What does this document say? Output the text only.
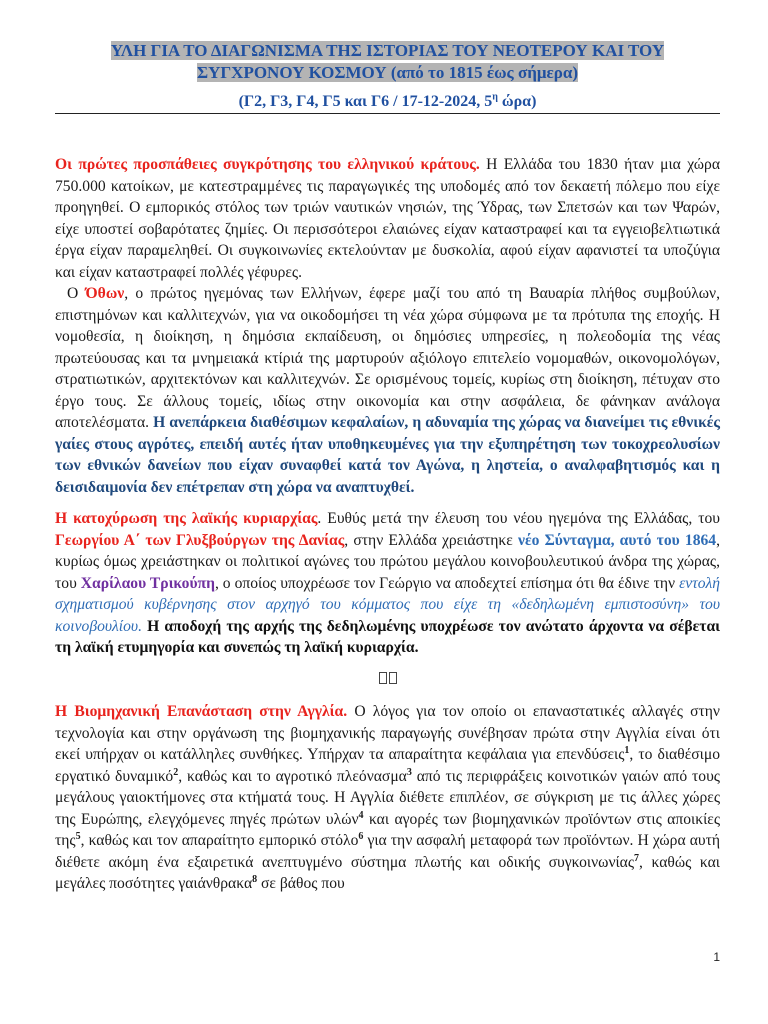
ΥΛΗ ΓΙΑ ΤΟ ΔΙΑΓΩΝΙΣΜΑ ΤΗΣ ΙΣΤΟΡΙΑΣ ΤΟΥ ΝΕΟΤΕΡΟΥ ΚΑΙ ΤΟΥ
ΣΥΓΧΡΟΝΟΥ ΚΟΣΜΟΥ (από το 1815 έως σήμερα)
(Γ2, Γ3, Γ4, Γ5 και Γ6 / 17-12-2024, $5^\eta$ ώρα)

Οι πρώτες προσπάθειες συγκρότησης του ελληνικού κράτους. Η Ελλάδα του 1830 ήταν μια χώρα 750.000 κατοίκων, με κατεστραμμένες τις παραγωγικές της υποδομές από τον δεκαετή πόλεμο που είχε προηγηθεί. Ο εμπορικός στόλος των τριών ναυτικών νησιών, της Ύδρας, των Σπετσών και των Ψαρών, είχε υποστεί σοβαρότατες ζημίες. Οι περισσότεροι ελαιώνες είχαν καταστραφεί και τα εγγειοβελτιωτικά έργα είχαν παραμεληθεί. Οι συγκοινωνίες εκτελούνταν με δυσκολία, αφού είχαν αφανιστεί τα υποζύγια και είχαν καταστραφεί πολλές γέφυρες.

Ο Όθων, ο πρώτος ηγεμόνας των Ελλήνων, έφερε μαζί του από τη Βαυαρία πλήθος συμβούλων, επιστημόνων και καλλιτεχνών, για να οικοδομήσει τη νέα χώρα σύμφωνα με τα πρότυπα της εποχής. Η νομοθεσία, η διοίκηση, η δημόσια εκπαίδευση, οι δημόσιες υπηρεσίες, η πολεοδομία της νέας πρωτεύουσας και τα μνημειακά κτίριά της μαρτυρούν αξιόλογο επιτελείο νομομαθών, οικονομολόγων, στρατιωτικών, αρχιτεκτόνων και καλλιτεχνών. Σε ορισμένους τομείς, κυρίως στη διοίκηση, πέτυχαν στο έργο τους. Σε άλλους τομείς, ιδίως στην οικονομία και στην ασφάλεια, δε φάνηκαν ανάλογα αποτελέσματα. Η ανεπάρκεια διαθέσιμων κεφαλαίων, η αδυναμία της χώρας να διανείμει τις εθνικές γαίες στους αγρότες, επειδή αυτές ήταν υποθηκευμένες για την εξυπηρέτηση των τοκοχρεολυσίων των εθνικών δανείων που είχαν συναφθεί κατά τον Αγώνα, η ληστεία, ο αναλφαβητισμός και η δεισιδαιμονία δεν επέτρεπαν στη χώρα να αναπτυχθεί.

Η κατοχύρωση της λαϊκής κυριαρχίας. Ευθύς μετά την έλευση του νέου ηγεμόνα της Ελλάδας, του Γεωργίου Α΄ των Γλυξβούργων της Δανίας, στην Ελλάδα χρειάστηκε νέο Σύνταγμα, αυτό του 1864, κυρίως όμως χρειάστηκαν οι πολιτικοί αγώνες του πρώτου μεγάλου κοινοβουλευτικού άνδρα της χώρας, του Χαρίλαου Τρικούπη, ο οποίος υποχρέωσε τον Γεώργιο να αποδεχτεί επίσημα ότι θα έδινε την εντολή σχηματισμού κυβέρνησης στον αρχηγό του κόμματος που είχε τη «δεδηλωμένη εμπιστοσύνη» του κοινοβουλίου. Η αποδοχή της αρχής της δεδηλωμένης υποχρέωσε τον ανώτατο άρχοντα να σέβεται τη λαϊκή ετυμηγορία και συνεπώς τη λαϊκή κυριαρχία.

Η Βιομηχανική Επανάσταση στην Αγγλία. Ο λόγος για τον οποίο οι επαναστατικές αλλαγές στην τεχνολογία και στην οργάνωση της βιομηχανικής παραγωγής συνέβησαν πρώτα στην Αγγλία είναι ότι εκεί υπήρχαν οι κατάλληλες συνθήκες. Υπήρχαν τα απαραίτητα κεφάλαια για επενδύσεις$^1$, το διαθέσιμο εργατικό δυναμικό$^2$, καθώς και το αγροτικό πλεόνασμα$^3$ από τις περιφράξεις κοινοτικών γαιών από τους μεγάλους γαιοκτήμονες στα κτήματά τους. Η Αγγλία διέθετε επιπλέον, σε σύγκριση με τις άλλες χώρες της Ευρώπης, ελεγχόμενες πηγές πρώτων υλών$^4$ και αγορές των βιομηχανικών προϊόντων στις αποικίες της$^5$, καθώς και τον απαραίτητο εμπορικό στόλο$^6$ για την ασφαλή μεταφορά των προϊόντων. Η χώρα αυτή διέθετε ακόμη ένα εξαιρετικά ανεπτυγμένο σύστημα πλωτής και οδικής συγκοινωνίας$^7$, καθώς και μεγάλες ποσότητες γαιάνθρακα$^8$ σε βάθος που

1
